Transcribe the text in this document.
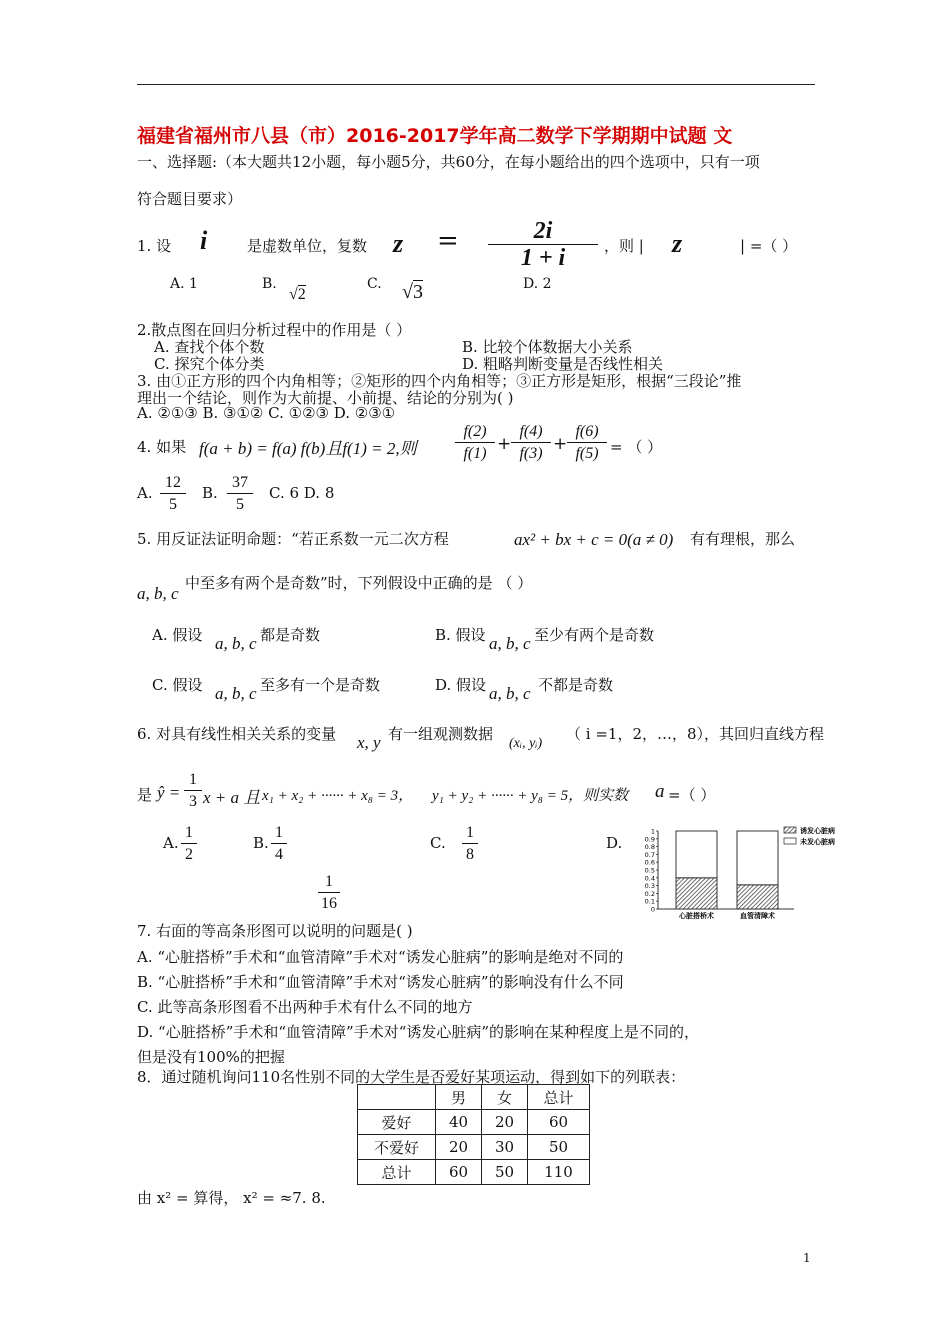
福建省福州市八县（市）2016-2017学年高二数学下学期期中试题 文
一、选择题:（本大题共12小题，每小题5分，共60分，在每小题给出的四个选项中，只有一项
符合题目要求）
1. 设 i	是虚数单位，复数 $z = \frac{2i}{1 + i}$ ，则 | z	| =（ ）
A. 1	B.
√2
C. √3	D. 2
2.散点图在回归分析过程中的作用是（ ）
A. 查找个体个数	B. 比较个体数据大小关系
C. 探究个体分类	D. 粗略判断变量是否线性相关
3. 由①正方形的四个内角相等；②矩形的四个内角相等；③正方形是矩形，根据“三段论”推
理出一个结论，则作为大前提、小前提、结论的分别为( )
A. ②①③ B. ③①② C. ①②③ D. ②③①
4. 如果 f(a + b) = f(a) f(b)且f(1) = 2,则 $\frac{f(2)}{f(1)} + \frac{f(4)}{f(3)} + \frac{f(6)}{f(5)}$ = （ ）
A. $\frac{12}{5} B$. $\frac{37}{5} C$. 6 D. 8
5. 用反证法证明命题：“若正系数一元二次方程	ax² + bx + c = 0(a ≠ 0) 有有理根，那么
a, b, c
中至多有两个是奇数”时，下列假设中正确的是 （ ）
A. 假设 a, b, c 都是奇数	B. 假设 a, b, c 至少有两个是奇数
C. 假设 a, b, c 至多有一个是奇数	D. 假设 a, b, c 不都是奇数
6. 对具有线性相关关系的变量 x, y 有一组观测数据
(xᵢ, yᵢ)
（ i =1，2，…，8），其回归直线方程
是 ŷ = $\frac{1}{3}$ x + a 且 x₁ + x₂ + ······ + x₈ = 3， y₁ + y₂ + ······ + y₈ = 5，则实数 a =（ ）
A. $\frac{1}{2}$	B. $\frac{1}{4}$	C. $\frac{1}{8}$	D.
$\frac{1}{16}$	0
0.1
0.2
0.3
0.4
0.5
0.6
0.7
0.8
0.9
1
心脏搭桥术	血管清障术
诱发心脏病
未发心脏病
7. 右面的等高条形图可以说明的问题是( )
A. “心脏搭桥”手术和“血管清障”手术对“诱发心脏病”的影响是绝对不同的
B. “心脏搭桥”手术和“血管清障”手术对“诱发心脏病”的影响没有什么不同
C. 此等高条形图看不出两种手术有什么不同的地方
D. “心脏搭桥”手术和“血管清障”手术对“诱发心脏病”的影响在某种程度上是不同的，
但是没有100%的把握
8．通过随机询问110名性别不同的大学生是否爱好某项运动，得到如下的列联表：
	男	女	总计
爱好	40	20	60
不爱好	20	30	50
总计	60	50	110
由 x² = 算得， x² = ≈7. 8.
1
